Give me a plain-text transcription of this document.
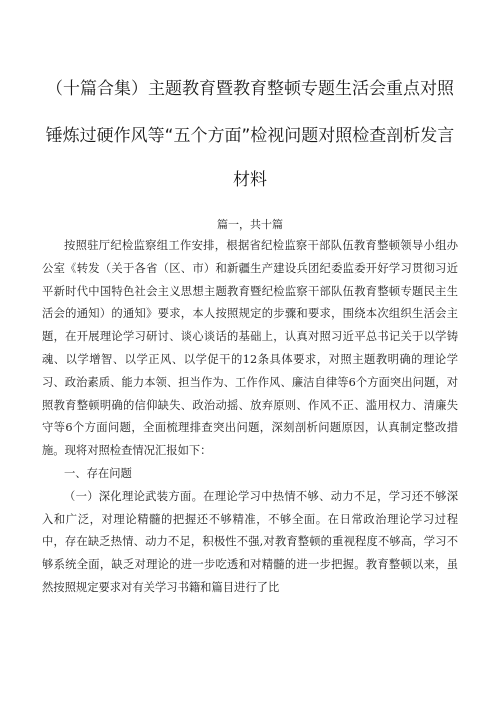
（十篇合集）主题教育暨教育整顿专题生活会重点对照
锤炼过硬作风等“五个方面”检视问题对照检查剖析发言
材料
篇一，共十篇

按照驻厅纪检监察组工作安排，根据省纪检监察干部队伍教育整顿领导小组办公室《转发（关于各省（区、市）和新疆生产建设兵团纪委监委开好学习贯彻习近平新时代中国特色社会主义思想主题教育暨纪检监察干部队伍教育整顿专题民主生活会的通知）的通知》要求，本人按照规定的步骤和要求，围绕本次组织生活会主题，在开展理论学习研讨、谈心谈话的基础上，认真对照习近平总书记关于以学铸魂、以学增智、以学正风、以学促干的12条具体要求，对照主题教明确的理论学习、政治素质、能力本领、担当作为、工作作风、廉洁自律等6个方面突出问题，对照教育整顿明确的信仰缺失、政治动摇、放弃原则、作风不正、滥用权力、清廉失守等6个方面问题，全面梳理排查突出问题，深刻剖析问题原因，认真制定整改措施。现将对照检查情况汇报如下：

一、存在问题

（一）深化理论武装方面。在理论学习中热情不够、动力不足，学习还不够深入和广泛，对理论精髓的把握还不够精准，不够全面。在日常政治理论学习过程中，存在缺乏热情、动力不足，积极性不强,对教育整顿的重视程度不够高，学习不够系统全面，缺乏对理论的进一步吃透和对精髓的进一步把握。教育整顿以来，虽然按照规定要求对有关学习书籍和篇目进行了比
